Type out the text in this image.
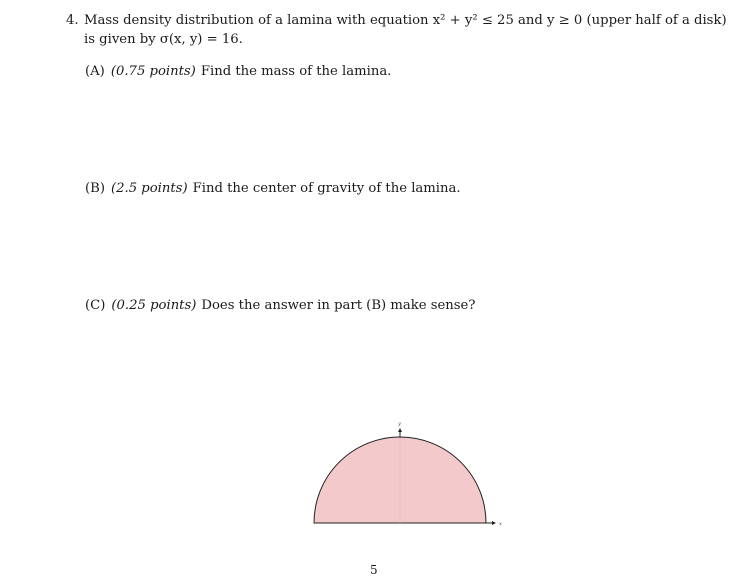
4. Mass density distribution of a lamina with equation x² + y² ≤ 25 and y ≥ 0 (upper half of a disk)
is given by σ(x, y) = 16.
(A) (0.75 points) Find the mass of the lamina.
(B) (2.5 points) Find the center of gravity of the lamina.
(C) (0.25 points) Does the answer in part (B) make sense?
x
y
5
